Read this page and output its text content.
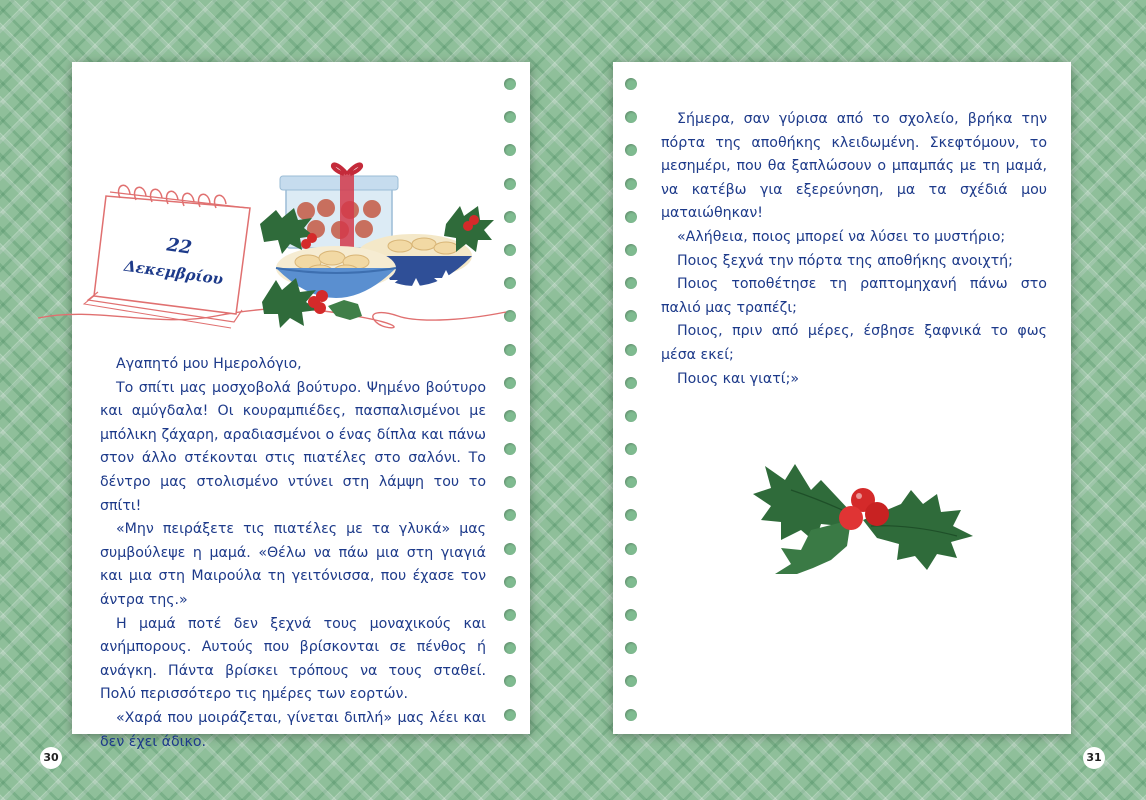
22
Δεκεμβρίου

Αγαπητό μου Ημερολόγιο,

Το σπίτι μας μοσχοβολά βούτυρο. Ψημένο βούτυρο και αμύγδαλα! Οι κουραμπιέδες, πασπαλισμένοι με μπόλικη ζάχαρη, αραδιασμένοι ο ένας δίπλα και πάνω στον άλλο στέκονται στις πιατέλες στο σαλόνι. Το δέντρο μας στολισμένο ντύνει στη λάμψη του το σπίτι!

«Μην πειράξετε τις πιατέλες με τα γλυκά» μας συμβούλεψε η μαμά. «Θέλω να πάω μια στη γιαγιά και μια στη Μαιρούλα τη γειτόνισσα, που έχασε τον άντρα της.»

Η μαμά ποτέ δεν ξεχνά τους μοναχικούς και ανήμπορους. Αυτούς που βρίσκονται σε πένθος ή ανάγκη. Πάντα βρίσκει τρόπους να τους σταθεί. Πολύ περισσότερο τις ημέρες των εορτών.

«Χαρά που μοιράζεται, γίνεται διπλή» μας λέει και δεν έχει άδικο.

Σήμερα, σαν γύρισα από το σχολείο, βρήκα την πόρτα της αποθήκης κλειδωμένη. Σκεφτόμουν, το μεσημέρι, που θα ξαπλώσουν ο μπαμπάς με τη μαμά, να κατέβω για εξερεύνηση, μα τα σχέδιά μου ματαιώθηκαν!

«Αλήθεια, ποιος μπορεί να λύσει το μυστήριο;

Ποιος ξεχνά την πόρτα της αποθήκης ανοιχτή;

Ποιος τοποθέτησε τη ραπτομηχανή πάνω στο παλιό μας τραπέζι;

Ποιος, πριν από μέρες, έσβησε ξαφνικά το φως μέσα εκεί;

Ποιος και γιατί;»

30	31
